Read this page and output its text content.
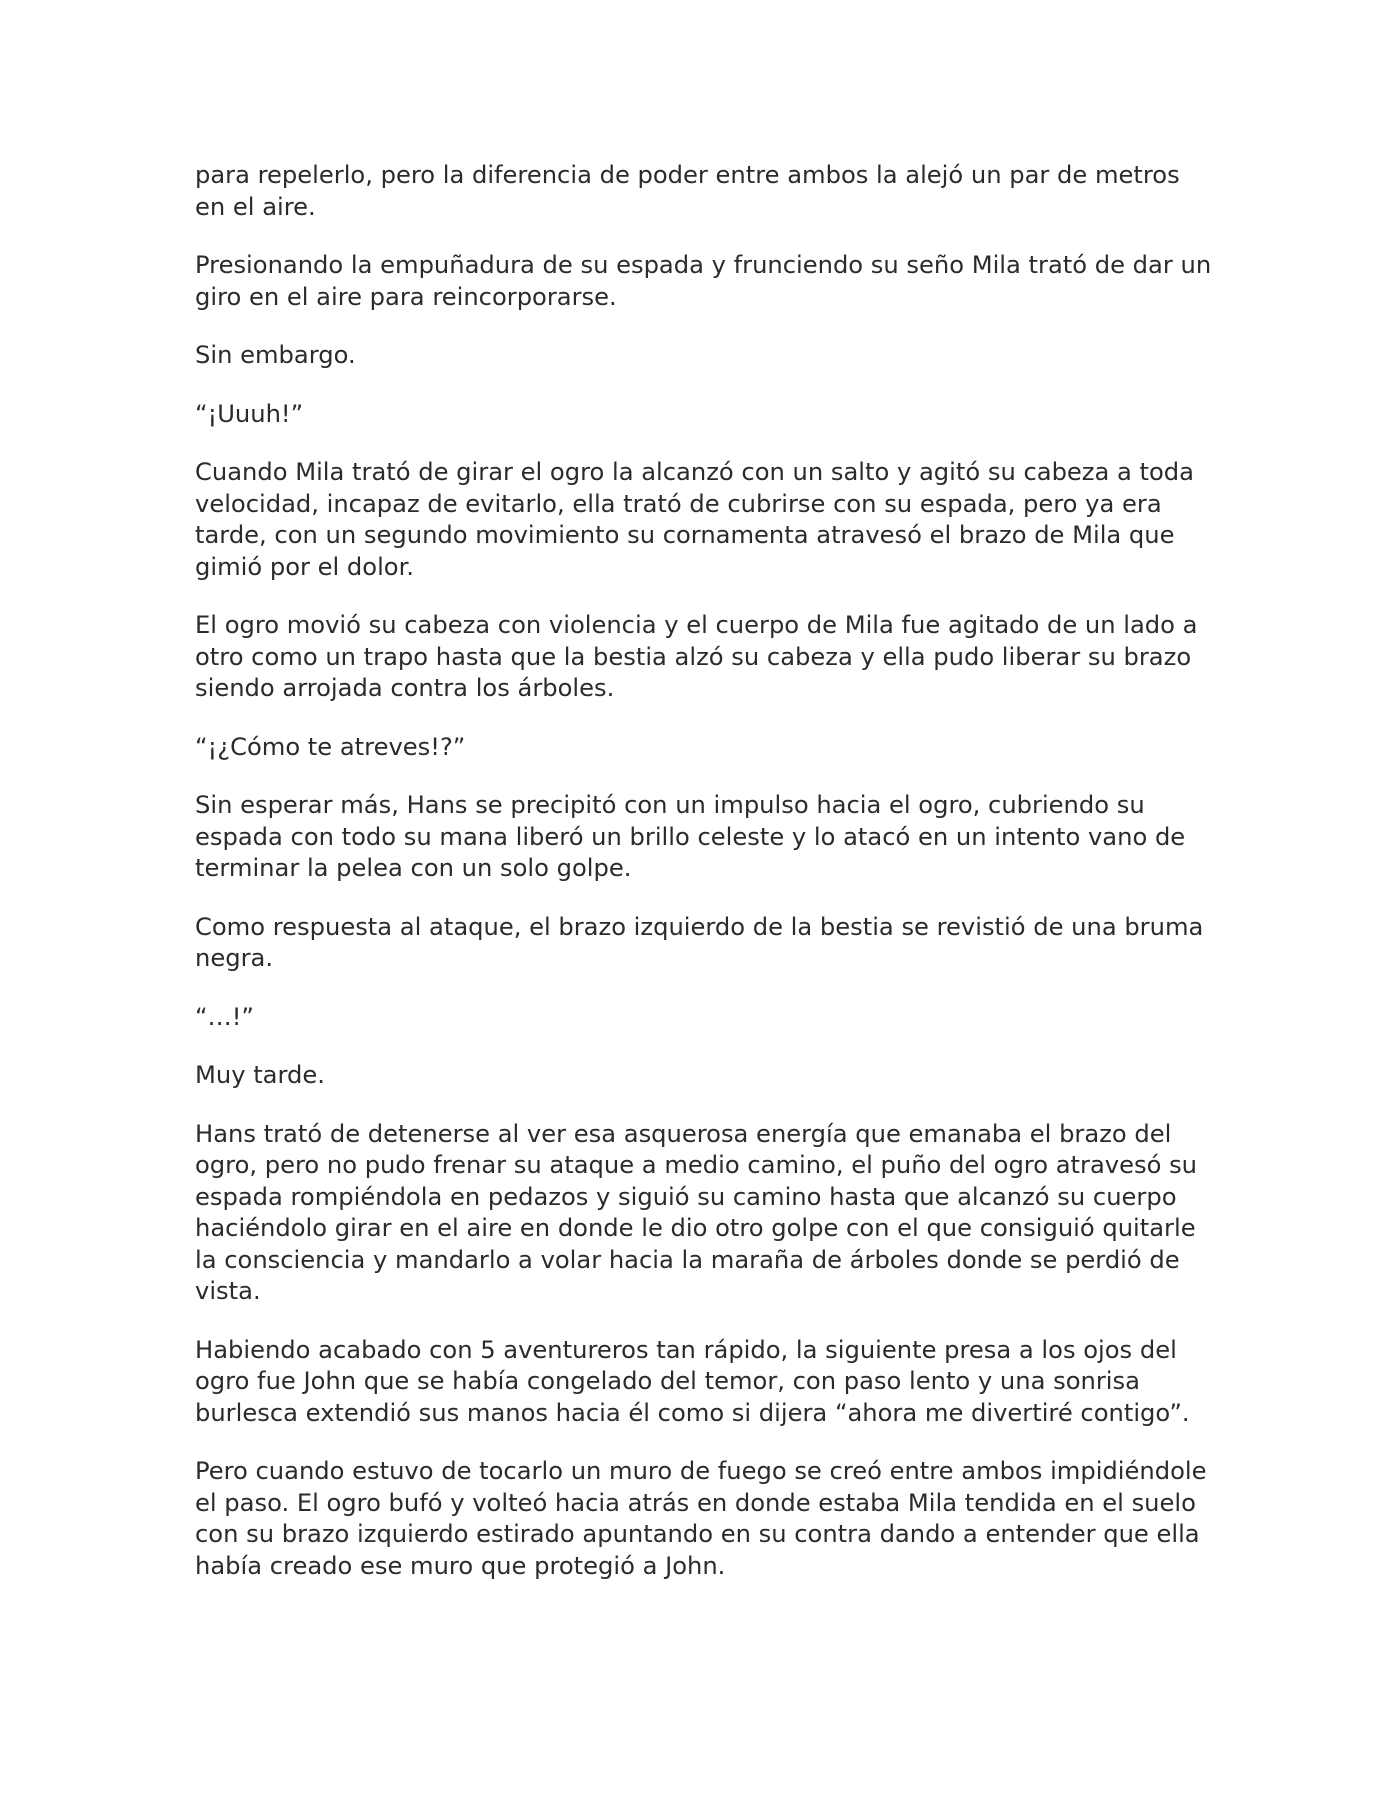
para repelerlo, pero la diferencia de poder entre ambos la alejó un par de metros en el aire.

Presionando la empuñadura de su espada y frunciendo su seño Mila trató de dar un giro en el aire para reincorporarse.

Sin embargo.

“¡Uuuh!”

Cuando Mila trató de girar el ogro la alcanzó con un salto y agitó su cabeza a toda velocidad, incapaz de evitarlo, ella trató de cubrirse con su espada, pero ya era tarde, con un segundo movimiento su cornamenta atravesó el brazo de Mila que gimió por el dolor.

El ogro movió su cabeza con violencia y el cuerpo de Mila fue agitado de un lado a otro como un trapo hasta que la bestia alzó su cabeza y ella pudo liberar su brazo siendo arrojada contra los árboles.

“¡¿Cómo te atreves!?”

Sin esperar más, Hans se precipitó con un impulso hacia el ogro, cubriendo su espada con todo su mana liberó un brillo celeste y lo atacó en un intento vano de terminar la pelea con un solo golpe.

Como respuesta al ataque, el brazo izquierdo de la bestia se revistió de una bruma negra.

“…!”

Muy tarde.

Hans trató de detenerse al ver esa asquerosa energía que emanaba el brazo del ogro, pero no pudo frenar su ataque a medio camino, el puño del ogro atravesó su espada rompiéndola en pedazos y siguió su camino hasta que alcanzó su cuerpo haciéndolo girar en el aire en donde le dio otro golpe con el que consiguió quitarle la consciencia y mandarlo a volar hacia la maraña de árboles donde se perdió de vista.

Habiendo acabado con 5 aventureros tan rápido, la siguiente presa a los ojos del ogro fue John que se había congelado del temor, con paso lento y una sonrisa burlesca extendió sus manos hacia él como si dijera “ahora me divertiré contigo”.

Pero cuando estuvo de tocarlo un muro de fuego se creó entre ambos impidiéndole el paso. El ogro bufó y volteó hacia atrás en donde estaba Mila tendida en el suelo con su brazo izquierdo estirado apuntando en su contra dando a entender que ella había creado ese muro que protegió a John.
